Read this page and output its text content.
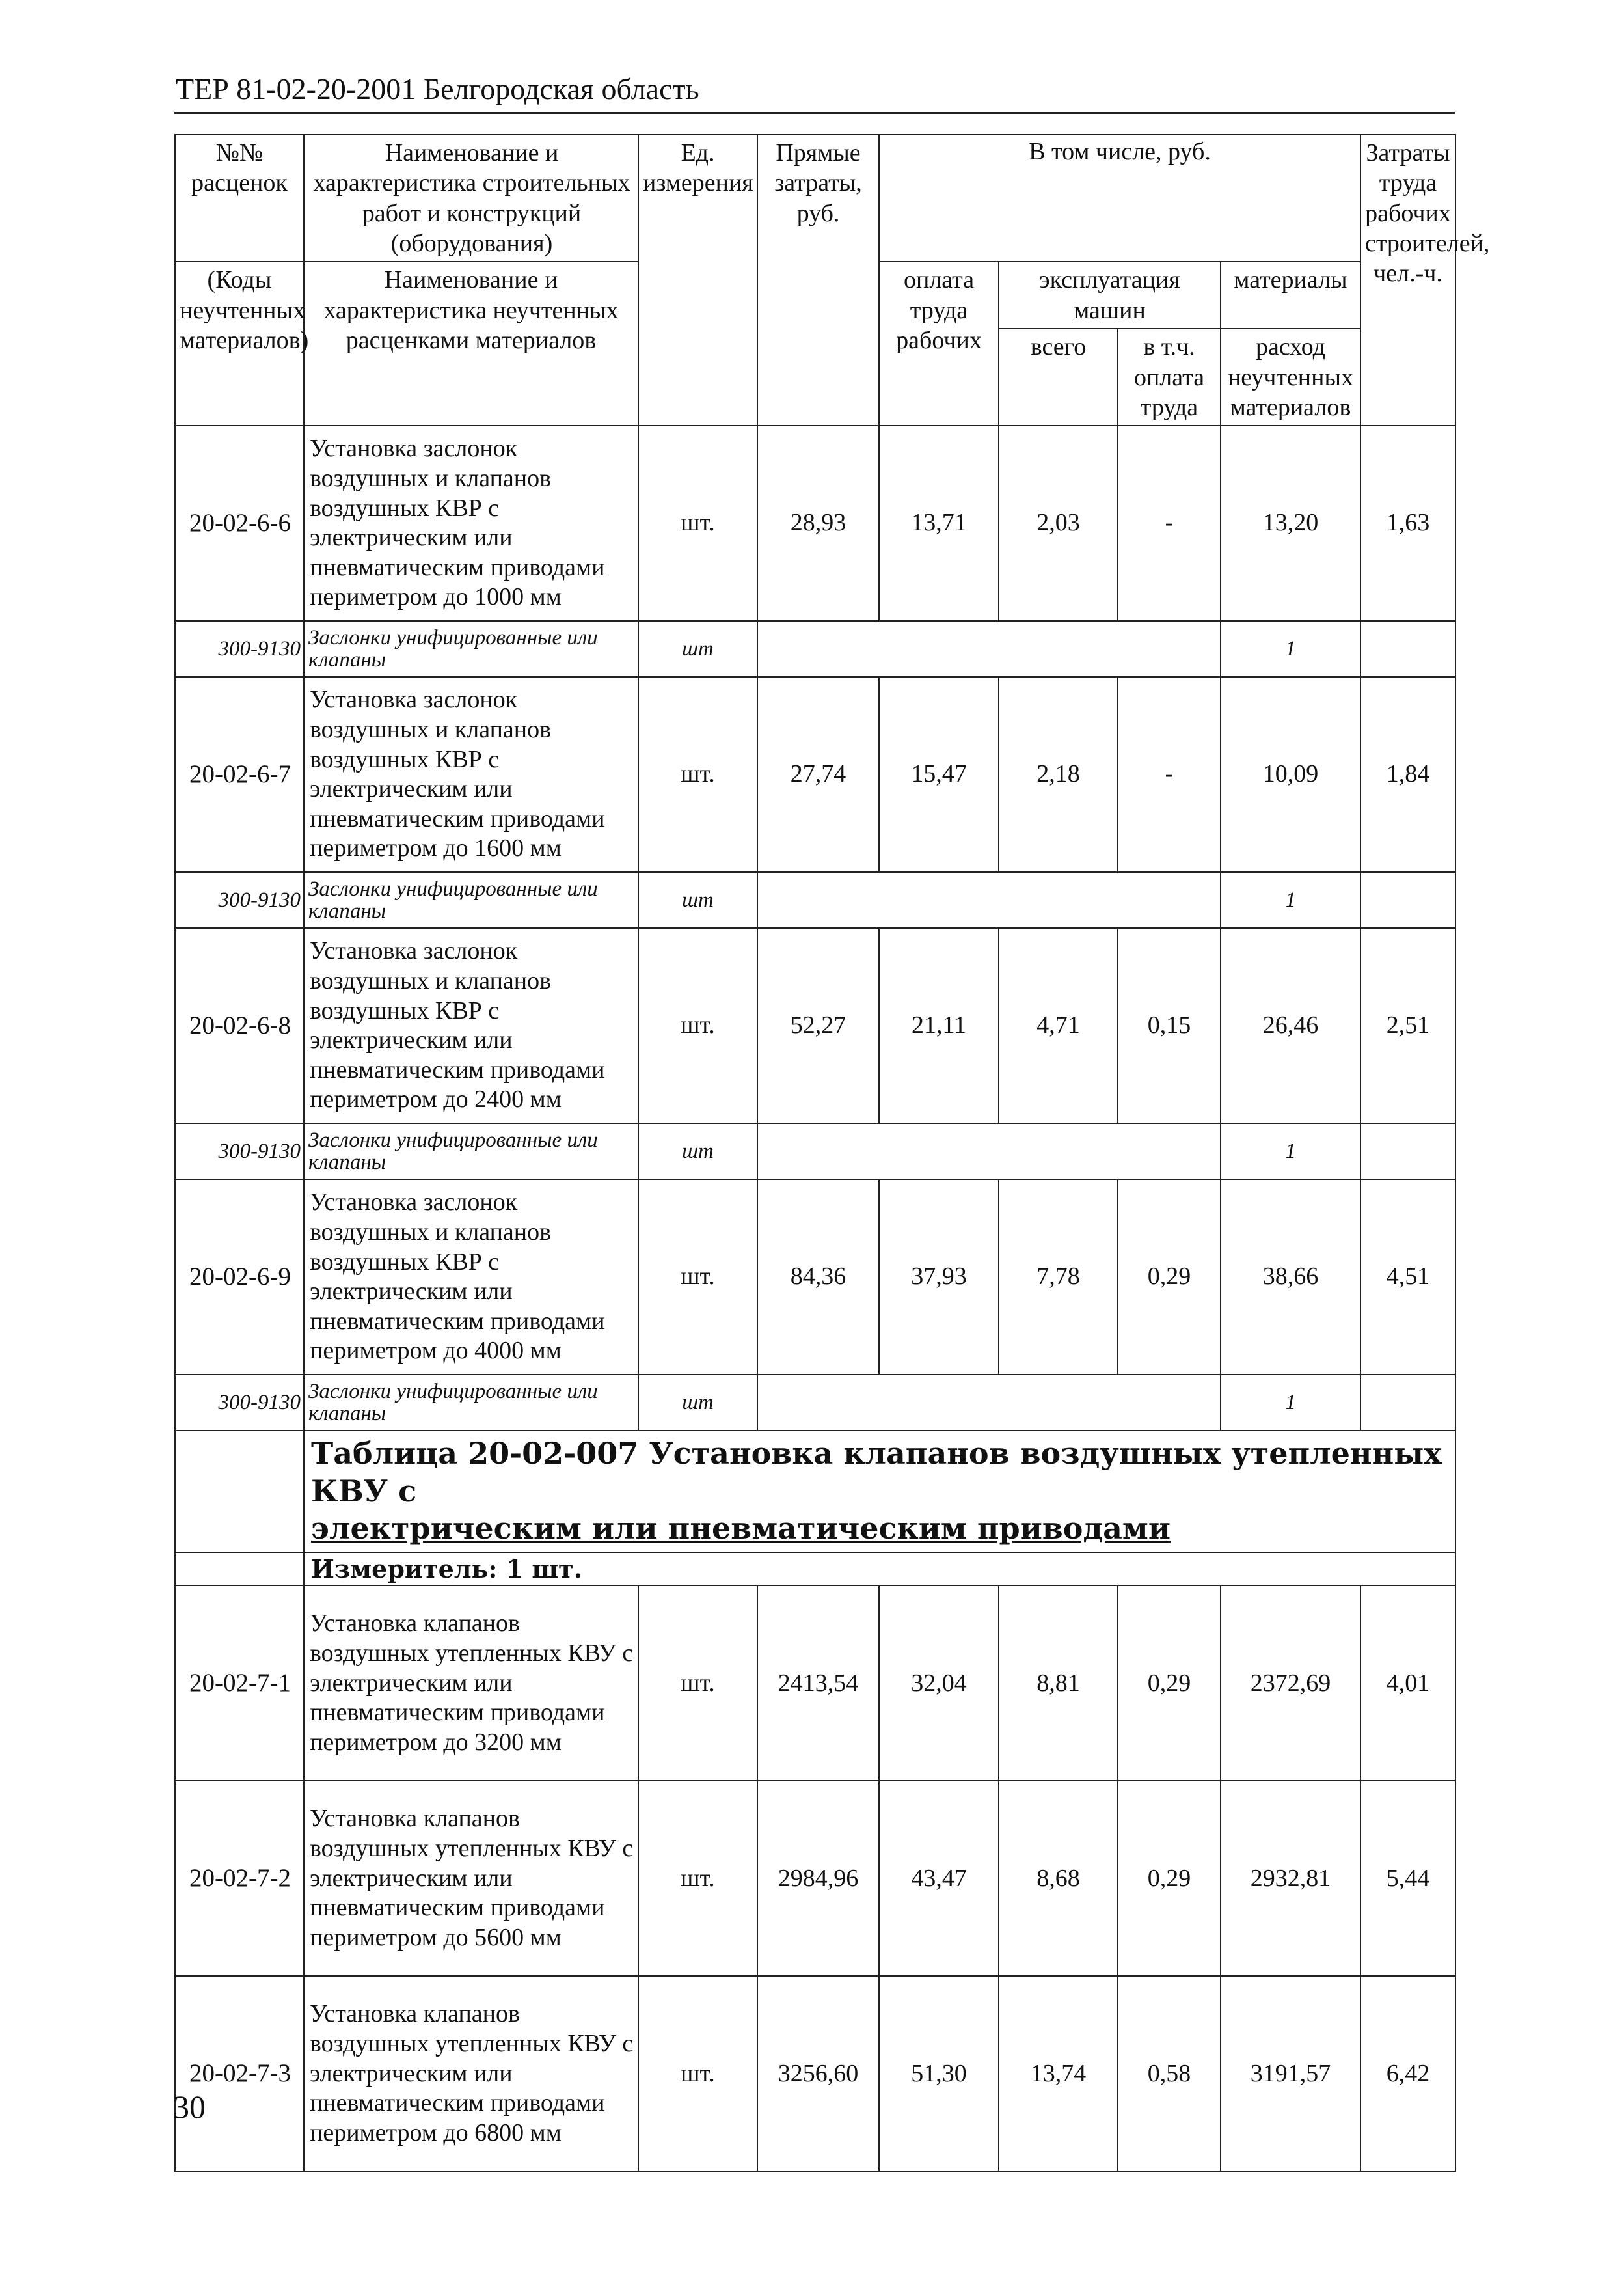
ТЕР 81-02-20-2001 Белгородская область
№№ расценок	Наименование и характеристика строительных работ и конструкций (оборудования)	Ед. измерения	Прямые затраты, руб.	В том числе, руб.				Затраты труда рабочих строителей, чел.-ч.
(Коды неучтенных материалов)	Наименование и характеристика неучтенных расценками материалов			оплата труда рабочих	эксплуатация машин		материалы	
					всего	в т.ч. оплата труда	расход неучтенных материалов	
20-02-6-6	Установка заслонок воздушных и клапанов воздушных КВР с электрическим или пневматическим приводами периметром до 1000 мм	шт.	28,93	13,71	2,03	-	13,20	1,63
300-9130	Заслонки унифицированные или клапаны	шт					1	
20-02-6-7	Установка заслонок воздушных и клапанов воздушных КВР с электрическим или пневматическим приводами периметром до 1600 мм	шт.	27,74	15,47	2,18	-	10,09	1,84
300-9130	Заслонки унифицированные или клапаны	шт					1	
20-02-6-8	Установка заслонок воздушных и клапанов воздушных КВР с электрическим или пневматическим приводами периметром до 2400 мм	шт.	52,27	21,11	4,71	0,15	26,46	2,51
300-9130	Заслонки унифицированные или клапаны	шт					1	
20-02-6-9	Установка заслонок воздушных и клапанов воздушных КВР с электрическим или пневматическим приводами периметром до 4000 мм	шт.	84,36	37,93	7,78	0,29	38,66	4,51
300-9130	Заслонки унифицированные или клапаны	шт					1	

	Таблица 20-02-007 Установка клапанов воздушных утепленных КВУ с
электрическим или пневматическим приводами							

	Измеритель: 1 шт.							
20-02-7-1	Установка клапанов воздушных утепленных КВУ с электрическим или пневматическим приводами периметром до 3200 мм	шт.	2413,54	32,04	8,81	0,29	2372,69	4,01
20-02-7-2	Установка клапанов воздушных утепленных КВУ с электрическим или пневматическим приводами периметром до 5600 мм	шт.	2984,96	43,47	8,68	0,29	2932,81	5,44
20-02-7-3	Установка клапанов воздушных утепленных КВУ с электрическим или пневматическим приводами периметром до 6800 мм	шт.	3256,60	51,30	13,74	0,58	3191,57	6,42
30
